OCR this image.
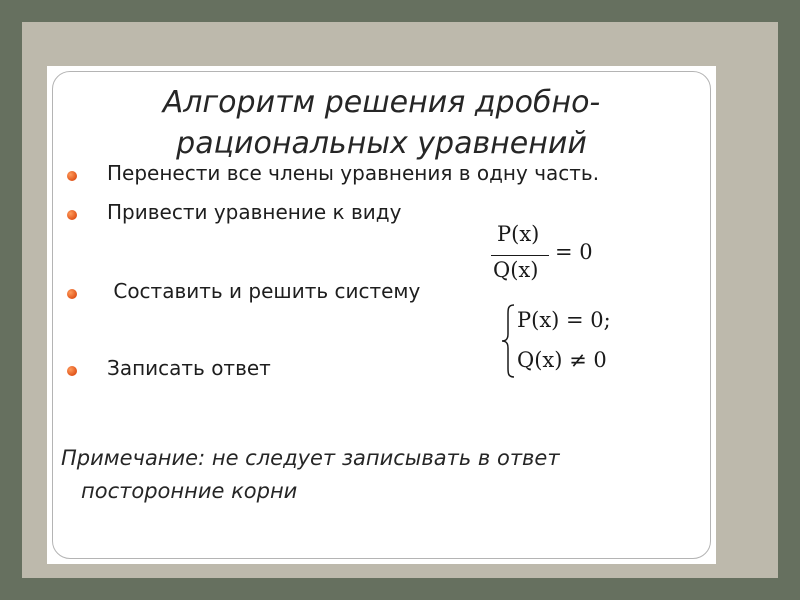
Алгоритм решения дробно-
рациональных уравнений

Перенести все члены уравнения в одну часть.

Привести уравнение к виду

Составить и решить систему

Записать ответ

P(x)
Q(x)
= 0
P(x) = 0;
Q(x) ≠ 0

Примечание: не следует записывать в ответ
посторонние корни
